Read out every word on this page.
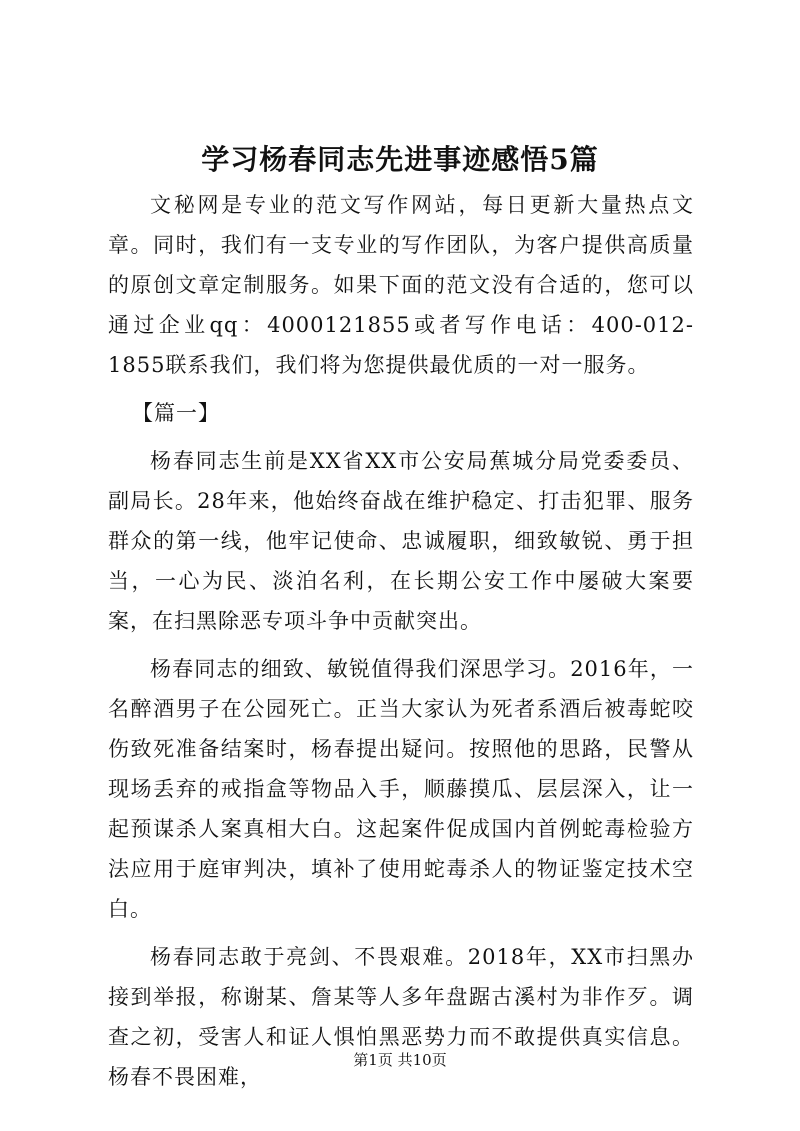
学习杨春同志先进事迹感悟5篇

文秘网是专业的范文写作网站，每日更新大量热点文章。同时，我们有一支专业的写作团队，为客户提供高质量的原创文章定制服务。如果下面的范文没有合适的，您可以通过企业qq：4000121855或者写作电话：400-012-1855联系我们，我们将为您提供最优质的一对一服务。

【篇一】

杨春同志生前是XX省XX市公安局蕉城分局党委委员、副局长。28年来，他始终奋战在维护稳定、打击犯罪、服务群众的第一线，他牢记使命、忠诚履职，细致敏锐、勇于担当，一心为民、淡泊名利，在长期公安工作中屡破大案要案，在扫黑除恶专项斗争中贡献突出。

杨春同志的细致、敏锐值得我们深思学习。2016年，一名醉酒男子在公园死亡。正当大家认为死者系酒后被毒蛇咬伤致死准备结案时，杨春提出疑问。按照他的思路，民警从现场丢弃的戒指盒等物品入手，顺藤摸瓜、层层深入，让一起预谋杀人案真相大白。这起案件促成国内首例蛇毒检验方法应用于庭审判决，填补了使用蛇毒杀人的物证鉴定技术空白。

杨春同志敢于亮剑、不畏艰难。2018年，XX市扫黑办接到举报，称谢某、詹某等人多年盘踞古溪村为非作歹。调查之初，受害人和证人惧怕黑恶势力而不敢提供真实信息。杨春不畏困难，

第1页 共10页
